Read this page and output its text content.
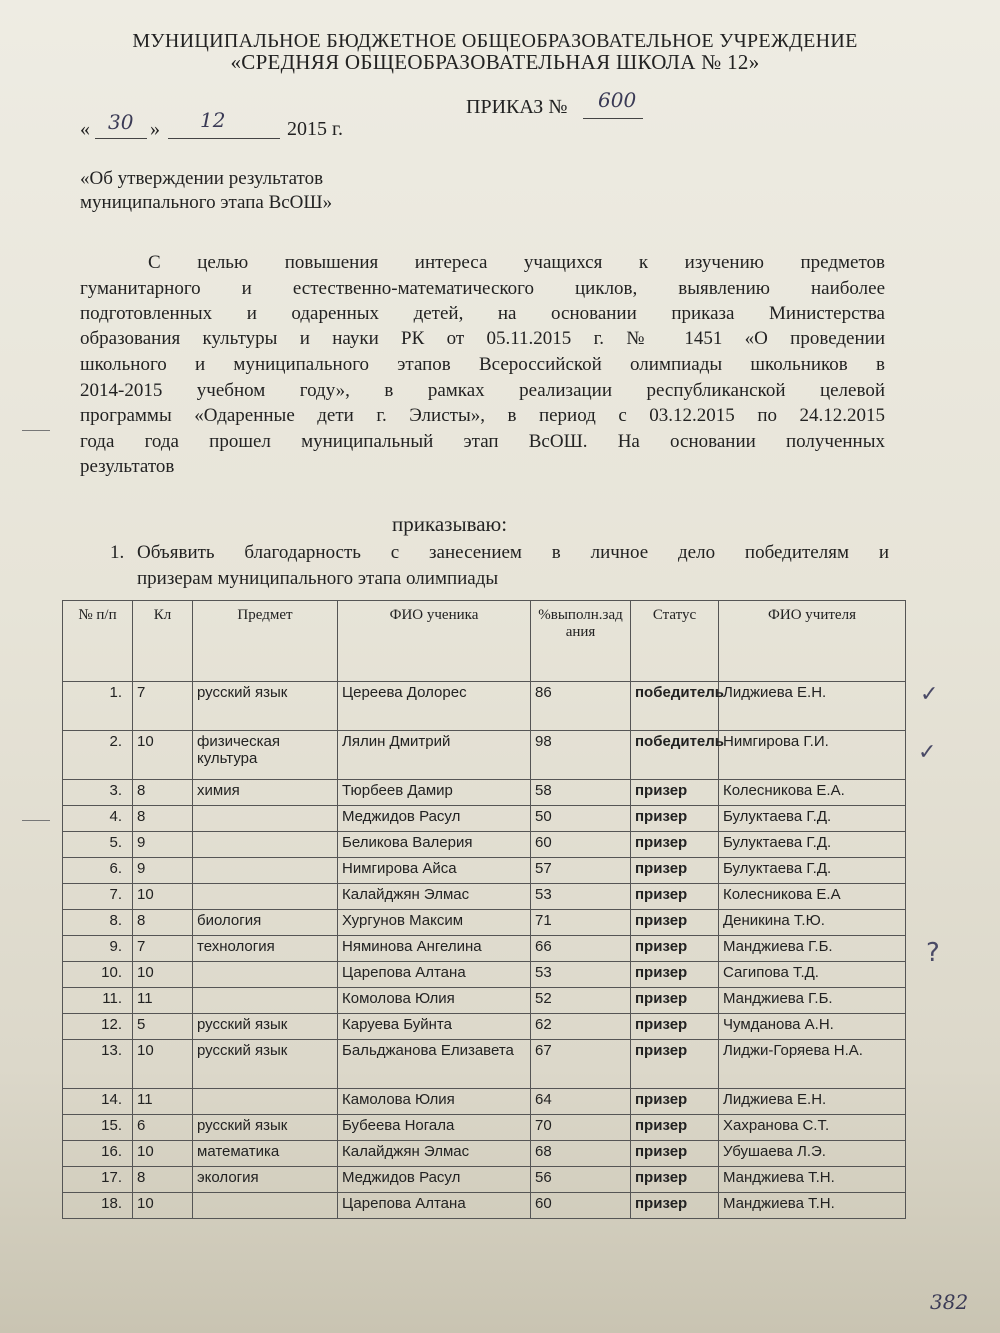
МУНИЦИПАЛЬНОЕ БЮДЖЕТНОЕ ОБЩЕОБРАЗОВАТЕЛЬНОЕ УЧРЕЖДЕНИЕ
«СРЕДНЯЯ ОБЩЕОБРАЗОВАТЕЛЬНАЯ ШКОЛА № 12»
ПРИКАЗ № 600
« 30 » 12	2015 г.
«Об утверждении результатов
муниципального этапа ВсОШ»
С целью повышения интереса учащихся к изучению предметов
гуманитарного и естественно-математического циклов, выявлению наиболее
подготовленных и одаренных детей, на основании приказа Министерства
образования культуры и науки РК от 05.11.2015 г. № 1451 «О проведении
школьного и муниципального этапов Всероссийской олимпиады школьников в
2014-2015 учебном году», в рамках реализации республиканской целевой
программы «Одаренные дети г. Элисты», в период с 03.12.2015 по 24.12.2015
года года прошел муниципальный этап ВсОШ. На основании полученных
результатов
приказываю:
1. Объявить благодарность с занесением в личное дело победителям и
призерам муниципального этапа олимпиады
№ п/п	Кл	Предмет	ФИО ученика	%выполн.задания	Статус	ФИО учителя
1.	7	русский язык	Цереева Долорес	86	победитель	Лиджиева Е.Н.
2.	10	физическая культура	Лялин Дмитрий	98	победитель	Нимгирова Г.И.
3.	8	химия	Тюрбеев Дамир	58	призер	Колесникова Е.А.
4.	8		Меджидов Расул	50	призер	Булуктаева Г.Д.
5.	9		Беликова Валерия	60	призер	Булуктаева Г.Д.
6.	9		Нимгирова Айса	57	призер	Булуктаева Г.Д.
7.	10		Калайджян Элмас	53	призер	Колесникова Е.А
8.	8	биология	Хургунов Максим	71	призер	Деникина Т.Ю.
9.	7	технология	Няминова Ангелина	66	призер	Манджиева Г.Б.
10.	10		Царепова Алтана	53	призер	Сагипова Т.Д.
11.	11		Комолова Юлия	52	призер	Манджиева Г.Б.
12.	5	русский язык	Каруева Буйнта	62	призер	Чумданова А.Н.
13.	10	русский язык	Бальджанова Елизавета	67	призер	Лиджи-Горяева Н.А.
14.	11		Камолова Юлия	64	призер	Лиджиева Е.Н.
15.	6	русский язык	Бубеева Ногала	70	призер	Хахранова С.Т.
16.	10	математика	Калайджян Элмас	68	призер	Убушаева Л.Э.
17.	8	экология	Меджидов Расул	56	призер	Манджиева Т.Н.
18.	10		Царепова Алтана	60	призер	Манджиева Т.Н.
✓
✓
?
382
